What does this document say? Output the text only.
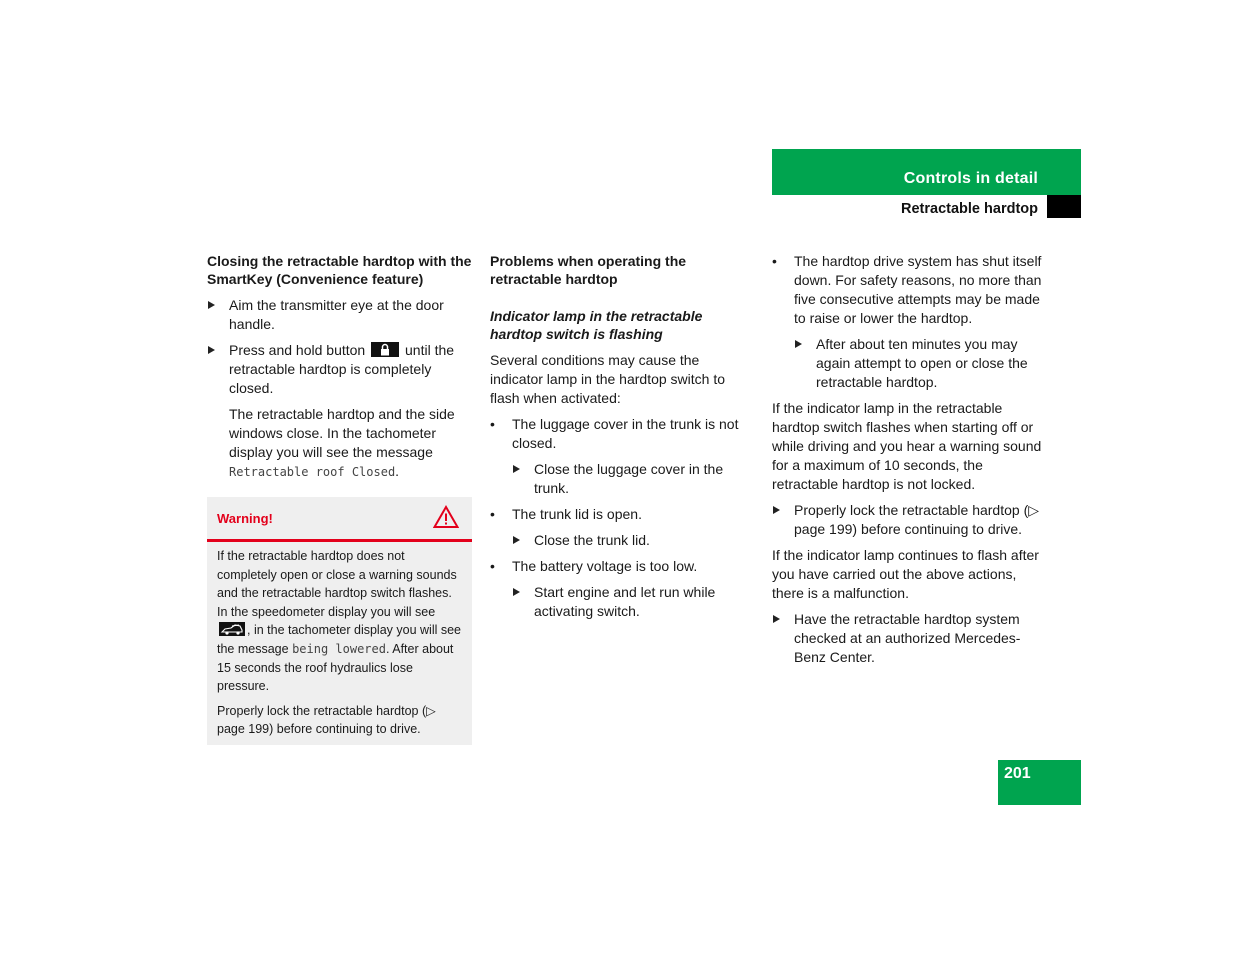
Controls in detail
Retractable hardtop
Closing the retractable hardtop with the SmartKey (Convenience feature)
Aim the transmitter eye at the door handle.
Press and hold button	until the retractable hardtop is completely closed.
The retractable hardtop and the side windows close. In the tachometer display you will see the message Retractable roof Closed.
Warning!

If the retractable hardtop does not completely open or close a warning sounds and the retractable hardtop switch flashes. In the speedometer display you will see
, in the tachometer display you will see the message being lowered. After about 15 seconds the roof hydraulics lose pressure.

Properly lock the retractable hardtop (▷ page 199) before continuing to drive.

Problems when operating the retractable hardtop
Indicator lamp in the retractable hardtop switch is flashing

Several conditions may cause the indicator lamp in the hardtop switch to flash when activated:

• The luggage cover in the trunk is not closed.
Close the luggage cover in the trunk.
• The trunk lid is open.
Close the trunk lid.
• The battery voltage is too low.
Start engine and let run while activating switch.
• The hardtop drive system has shut itself down. For safety reasons, no more than five consecutive attempts may be made to raise or lower the hardtop.
After about ten minutes you may again attempt to open or close the retractable hardtop.

If the indicator lamp in the retractable hardtop switch flashes when starting off or while driving and you hear a warning sound for a maximum of 10 seconds, the retractable hardtop is not locked.

Properly lock the retractable hardtop (▷ page 199) before continuing to drive.

If the indicator lamp continues to flash after you have carried out the above actions, there is a malfunction.

Have the retractable hardtop system checked at an authorized Mercedes-Benz Center.
201
